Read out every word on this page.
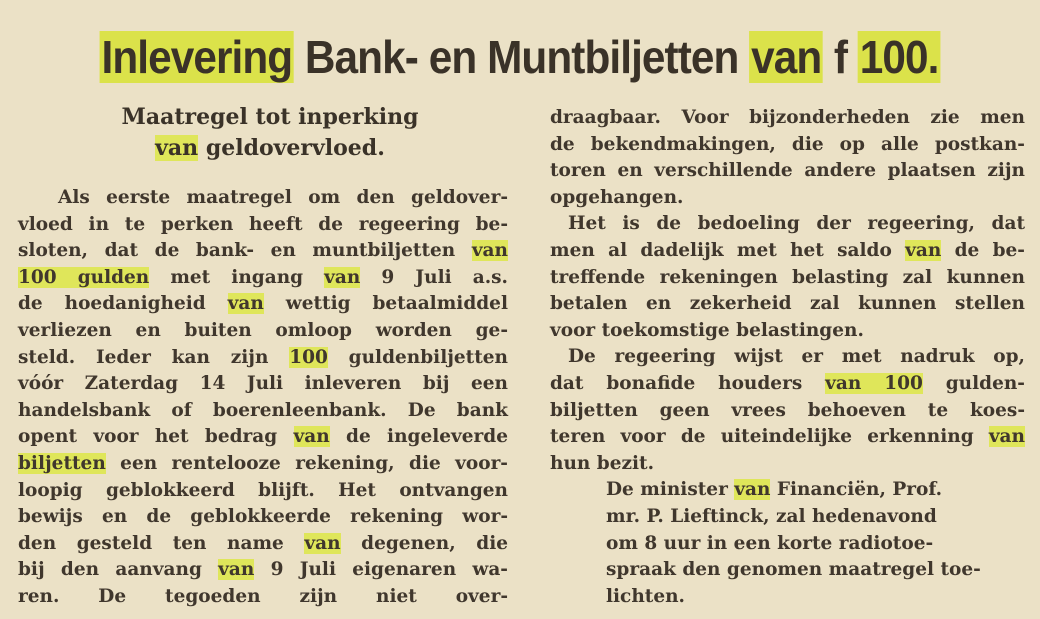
Inlevering Bank- en Muntbiljetten van f 100.
Maatregel tot inperking
van geldovervloed.
Als eerste maatregel om den geldover-
vloed in te perken heeft de regeering be-
sloten, dat de bank- en muntbiljetten van
100 gulden met ingang van 9 Juli a.s.
de hoedanigheid van wettig betaalmiddel
verliezen en buiten omloop worden ge-
steld. Ieder kan zijn 100 guldenbiljetten
vóór Zaterdag 14 Juli inleveren bij een
handelsbank of boerenleenbank. De bank
opent voor het bedrag van de ingeleverde
biljetten een rentelooze rekening, die voor-
loopig geblokkeerd blijft. Het ontvangen
bewijs en de geblokkeerde rekening wor-
den gesteld ten name van degenen, die
bij den aanvang van 9 Juli eigenaren wa-
ren. De tegoeden zijn niet over-
draagbaar. Voor bijzonderheden zie men
de bekendmakingen, die op alle postkan-
toren en verschillende andere plaatsen zijn
opgehangen.
Het is de bedoeling der regeering, dat
men al dadelijk met het saldo van de be-
treffende rekeningen belasting zal kunnen
betalen en zekerheid zal kunnen stellen
voor toekomstige belastingen.
De regeering wijst er met nadruk op,
dat bonafide houders van 100 gulden-
biljetten geen vrees behoeven te koes-
teren voor de uiteindelijke erkenning van
hun bezit.
De minister van Financiën, Prof.
mr. P. Lieftinck, zal hedenavond
om 8 uur in een korte radiotoe-
spraak den genomen maatregel toe-
lichten.
